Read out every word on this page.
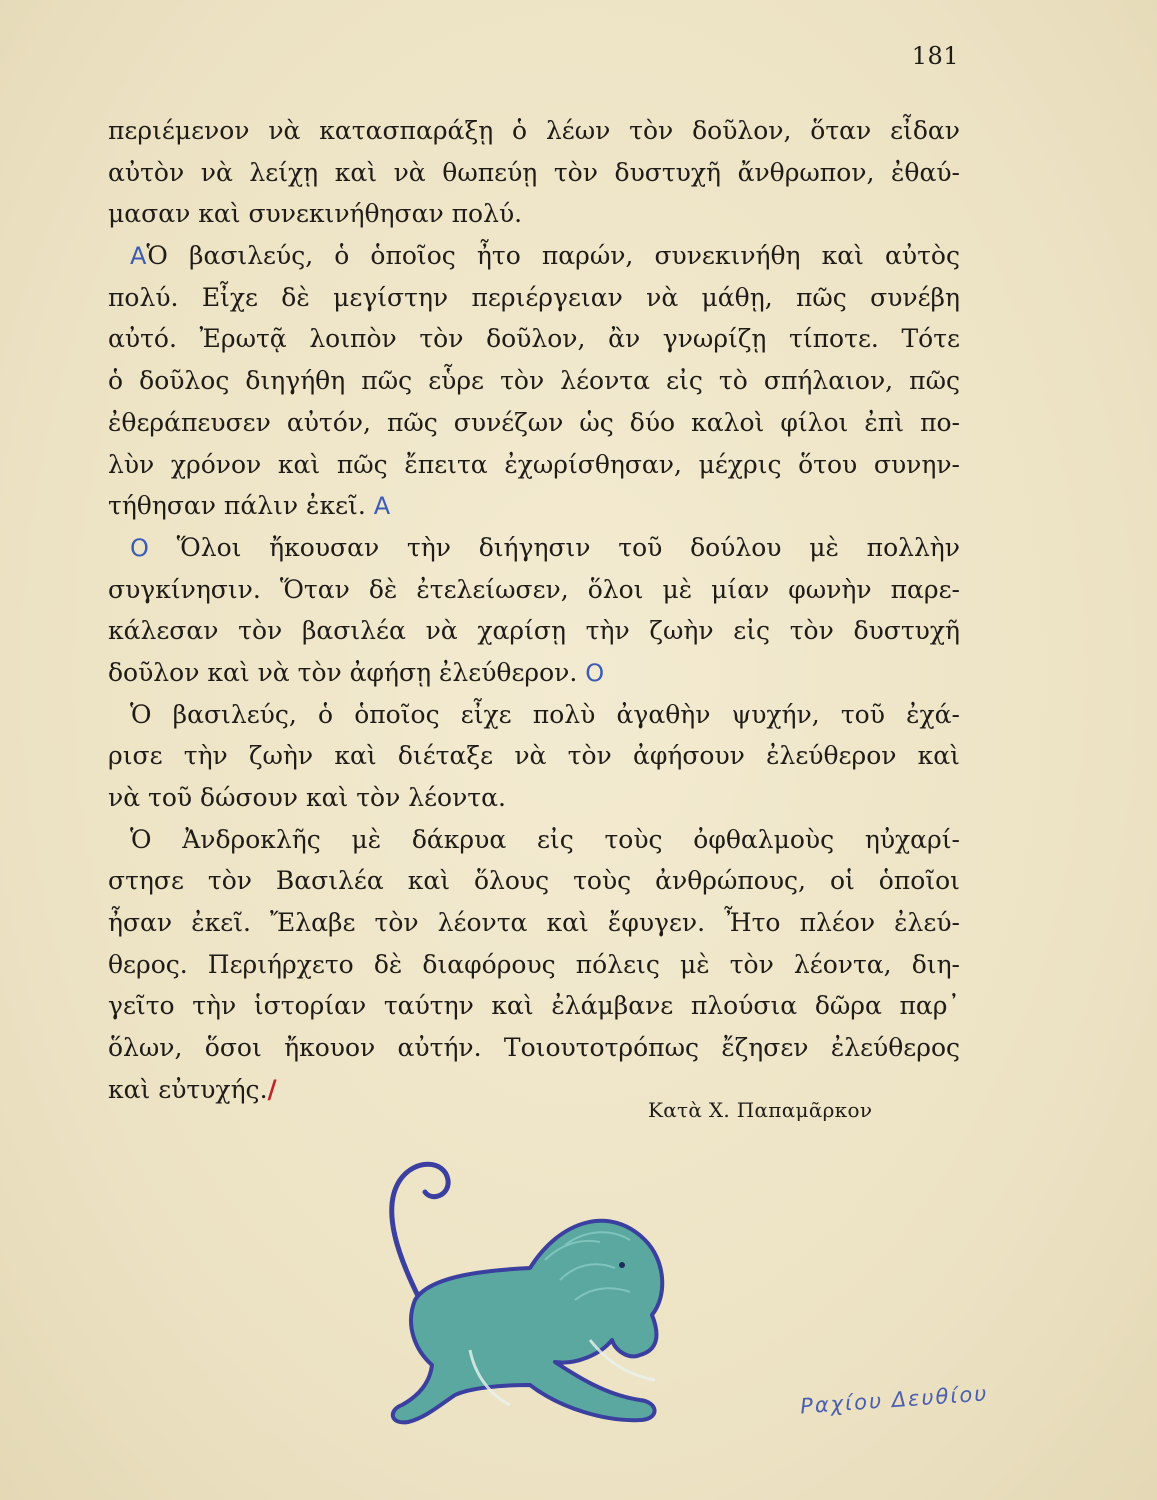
181
περιέμενον νὰ κατασπαράξῃ ὁ λέων τὸν δοῦλον, ὅταν εἶδαν
αὐτὸν νὰ λείχῃ καὶ νὰ θωπεύῃ τὸν δυστυχῆ ἄνθρωπον, ἐθαύ-
μασαν καὶ συνεκινήθησαν πολύ.
ΑὉ βασιλεύς, ὁ ὁποῖος ἦτο παρών, συνεκινήθη καὶ αὐτὸς
πολύ. Εἶχε δὲ μεγίστην περιέργειαν νὰ μάθῃ, πῶς συνέβη
αὐτό. Ἐρωτᾷ λοιπὸν τὸν δοῦλον, ἂν γνωρίζῃ τίποτε. Τότε
ὁ δοῦλος διηγήθη πῶς εὗρε τὸν λέοντα εἰς τὸ σπήλαιον, πῶς
ἐθεράπευσεν αὐτόν, πῶς συνέζων ὡς δύο καλοὶ φίλοι ἐπὶ πο-
λὺν χρόνον καὶ πῶς ἔπειτα ἐχωρίσθησαν, μέχρις ὅτου συνην-
τήθησαν πάλιν ἐκεῖ. Α
Ο Ὅλοι ἤκουσαν τὴν διήγησιν τοῦ δούλου μὲ πολλὴν
συγκίνησιν. Ὅταν δὲ ἐτελείωσεν, ὅλοι μὲ μίαν φωνὴν παρε-
κάλεσαν τὸν βασιλέα νὰ χαρίσῃ τὴν ζωὴν εἰς τὸν δυστυχῆ
δοῦλον καὶ νὰ τὸν ἀφήσῃ ἐλεύθερον. Ο
Ὁ βασιλεύς, ὁ ὁποῖος εἶχε πολὺ ἀγαθὴν ψυχήν, τοῦ ἐχά-
ρισε τὴν ζωὴν καὶ διέταξε νὰ τὸν ἀφήσουν ἐλεύθερον καὶ
νὰ τοῦ δώσουν καὶ τὸν λέοντα.
Ὁ Ἀνδροκλῆς μὲ δάκρυα εἰς τοὺς ὀφθαλμοὺς ηὐχαρί-
στησε τὸν Βασιλέα καὶ ὅλους τοὺς ἀνθρώπους, οἱ ὁποῖοι
ἦσαν ἐκεῖ. Ἔλαβε τὸν λέοντα καὶ ἔφυγεν. Ἦτο πλέον ἐλεύ-
θερος. Περιήρχετο δὲ διαφόρους πόλεις μὲ τὸν λέοντα, διη-
γεῖτο τὴν ἱστορίαν ταύτην καὶ ἐλάμβανε πλούσια δῶρα παρ᾽
ὅλων, ὅσοι ἤκουον αὐτήν. Τοιουτοτρόπως ἔζησεν ἐλεύθερος
καὶ εὐτυχής./
Κατὰ Χ. Παπαμᾶρκον
Ραχίου Δευθίου
